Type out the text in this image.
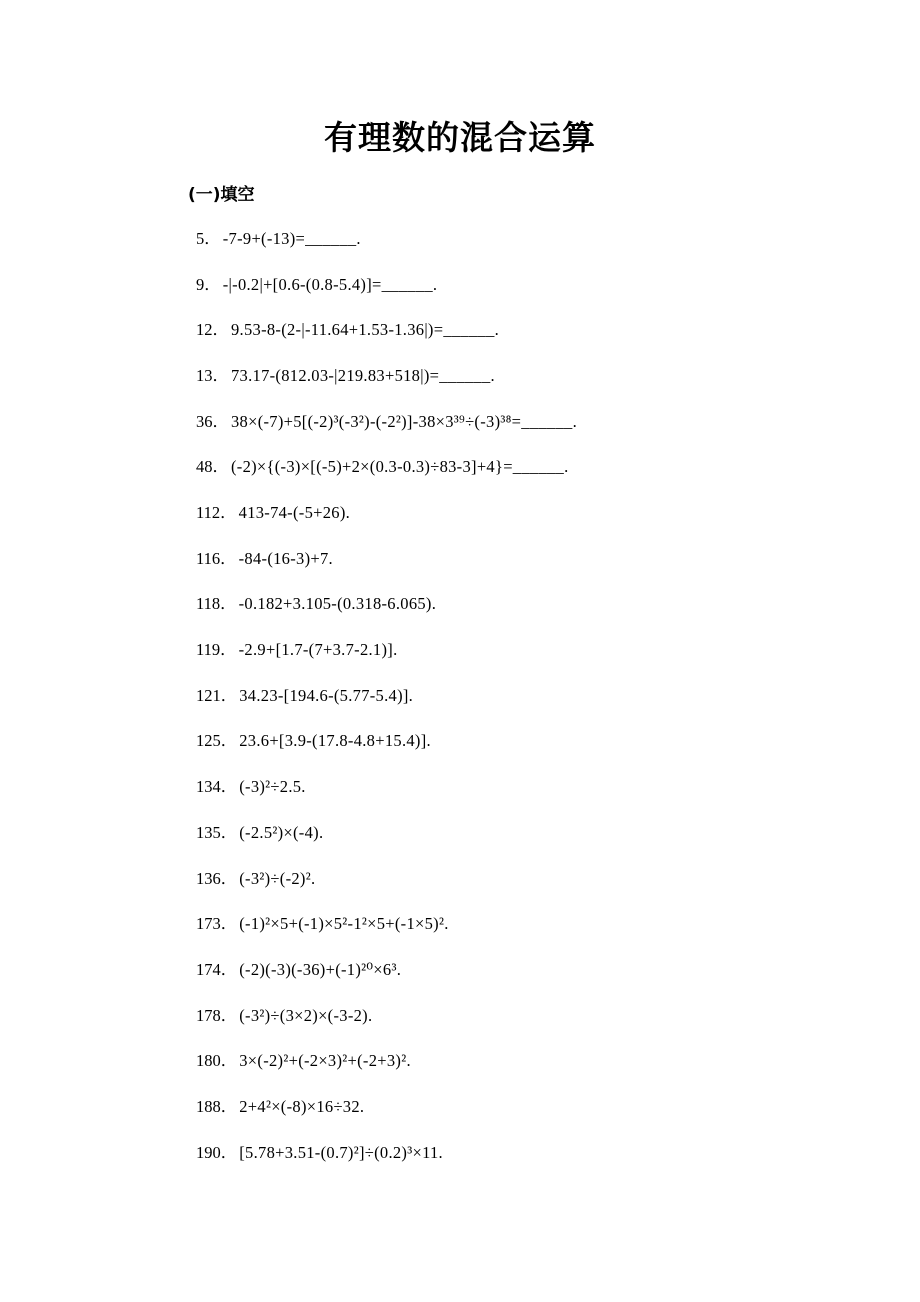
有理数的混合运算
(一)填空
5． -7-9+(-13)=______.
9． -|-0.2|+[0.6-(0.8-5.4)]=______.
12． 9.53-8-(2-|-11.64+1.53-1.36|)=______.
13． 73.17-(812.03-|219.83+518|)=______.
36． 38×(-7)+5[(-2)³(-3²)-(-2²)]-38×3³⁹÷(-3)³⁸=______.
48． (-2)×{(-3)×[(-5)+2×(0.3-0.3)÷83-3]+4}=______.
112． 413-74-(-5+26).
116． -84-(16-3)+7.
118． -0.182+3.105-(0.318-6.065).
119． -2.9+[1.7-(7+3.7-2.1)].
121． 34.23-[194.6-(5.77-5.4)].
125． 23.6+[3.9-(17.8-4.8+15.4)].
134． (-3)²÷2.5.
135． (-2.5²)×(-4).
136． (-3²)÷(-2)².
173． (-1)²×5+(-1)×5²-1²×5+(-1×5)².
174． (-2)(-3)(-36)+(-1)²⁰×6³.
178． (-3²)÷(3×2)×(-3-2).
180． 3×(-2)²+(-2×3)²+(-2+3)².
188． 2+4²×(-8)×16÷32.
190． [5.78+3.51-(0.7)²]÷(0.2)³×11.
